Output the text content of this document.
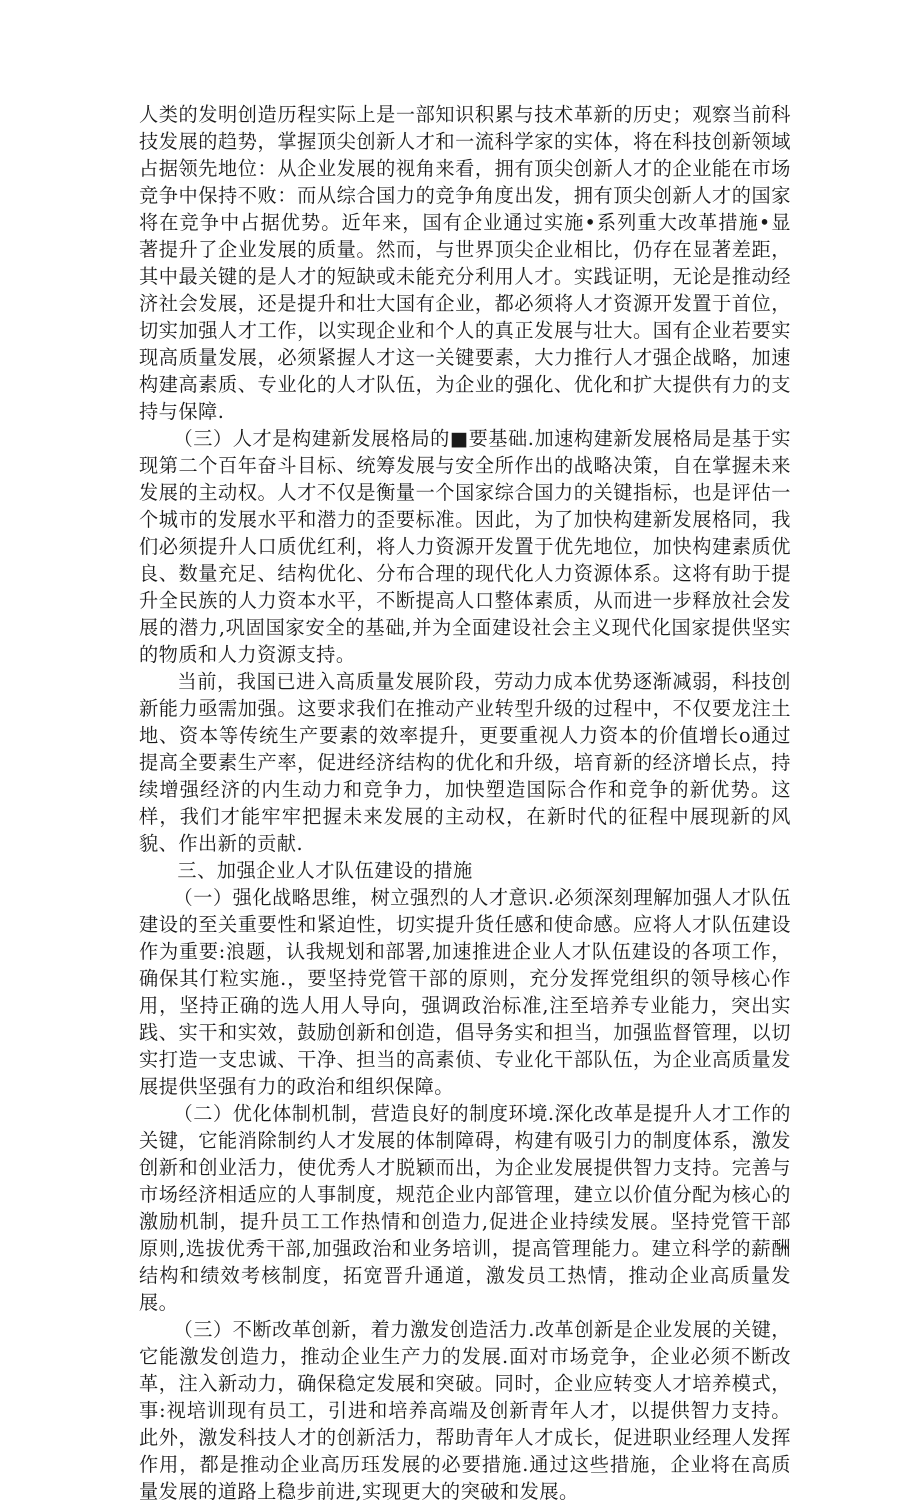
人类的发明创造历程实际上是一部知识积累与技术革新的历史；观察当前科技发展的趋势，掌握顶尖创新人才和一流科学家的实体，将在科技创新领域占据领先地位：从企业发展的视角来看，拥有顶尖创新人才的企业能在市场竞争中保持不败：而从综合国力的竞争角度出发，拥有顶尖创新人才的国家将在竞争中占据优势。近年来，国有企业通过实施•系列重大改革措施•显著提升了企业发展的质量。然而，与世界顶尖企业相比，仍存在显著差距，其中最关键的是人才的短缺或未能充分利用人才。实践证明，无论是推动经济社会发展，还是提升和壮大国有企业，都必须将人才资源开发置于首位，切实加强人才工作，以实现企业和个人的真正发展与壮大。国有企业若要实现高质量发展，必须紧握人才这一关键要素，大力推行人才强企战略，加速构建高素质、专业化的人才队伍，为企业的强化、优化和扩大提供有力的支持与保障.

（三）人才是构建新发展格局的■要基础.加速构建新发展格局是基于实现第二个百年奋斗目标、统筹发展与安全所作出的战略决策，自在掌握未来发展的主动权。人才不仅是衡量一个国家综合国力的关键指标，也是评估一个城市的发展水平和潜力的歪要标准。因此，为了加快构建新发展格同，我们必须提升人口质优红利，将人力资源开发置于优先地位，加快构建素质优良、数量充足、结构优化、分布合理的现代化人力资源体系。这将有助于提升全民族的人力资本水平，不断提高人口整体素质，从而进一步释放社会发展的潜力,巩固国家安全的基础,并为全面建设社会主义现代化国家提供坚实的物质和人力资源支持。

当前，我国已进入高质量发展阶段，劳动力成本优势逐渐减弱，科技创新能力亟需加强。这要求我们在推动产业转型升级的过程中，不仅要龙注土地、资本等传统生产要素的效率提升，更要重视人力资本的价值增长o通过提高全要素生产率，促进经济结构的优化和升级，培育新的经济增长点，持续增强经济的内生动力和竞争力，加快塑造国际合作和竞争的新优势。这样，我们才能牢牢把握未来发展的主动权，在新时代的征程中展现新的风貌、作出新的贡献.

三、加强企业人才队伍建设的措施

（一）强化战略思维，树立强烈的人才意识.必须深刻理解加强人才队伍建设的至关重要性和紧迫性，切实提升货任感和使命感。应将人才队伍建设作为重要:浪题，认我规划和部署,加速推进企业人才队伍建设的各项工作，确保其仃粒实施.，要坚持党管干部的原则，充分发挥党组织的领导核心作用，坚持正确的选人用人导向，强调政治标准,注至培养专业能力，突出实践、实干和实效，鼓励创新和创造，倡导务实和担当，加强监督管理，以切实打造一支忠诚、干净、担当的高素侦、专业化干部队伍，为企业高质量发展提供坚强有力的政治和组织保障。

（二）优化体制机制，营造良好的制度环境.深化改革是提升人才工作的关键，它能消除制约人才发展的体制障碍，构建有吸引力的制度体系，激发创新和创业活力，使优秀人才脱颖而出，为企业发展提供智力支持。完善与市场经济相适应的人事制度，规范企业内部管理，建立以价值分配为核心的激励机制，提升员工工作热情和创造力,促进企业持续发展。坚持党管干部原则,选拔优秀干部,加强政治和业务培训，提高管理能力。建立科学的薪酬结构和绩效考核制度，拓宽晋升通道，激发员工热情，推动企业高质量发展。

（三）不断改革创新，着力激发创造活力.改革创新是企业发展的关键，它能激发创造力，推动企业生产力的发展.面对市场竞争，企业必须不断改革，注入新动力，确保稳定发展和突破。同时，企业应转变人才培养模式，事:视培训现有员工，引进和培养高端及创新青年人才，以提供智力支持。此外，激发科技人才的创新活力，帮助青年人才成长，促进职业经理人发挥作用，都是推动企业高历珏发展的必要措施.通过这些措施，企业将在高质量发展的道路上稳步前进,实现更大的突破和发展。
